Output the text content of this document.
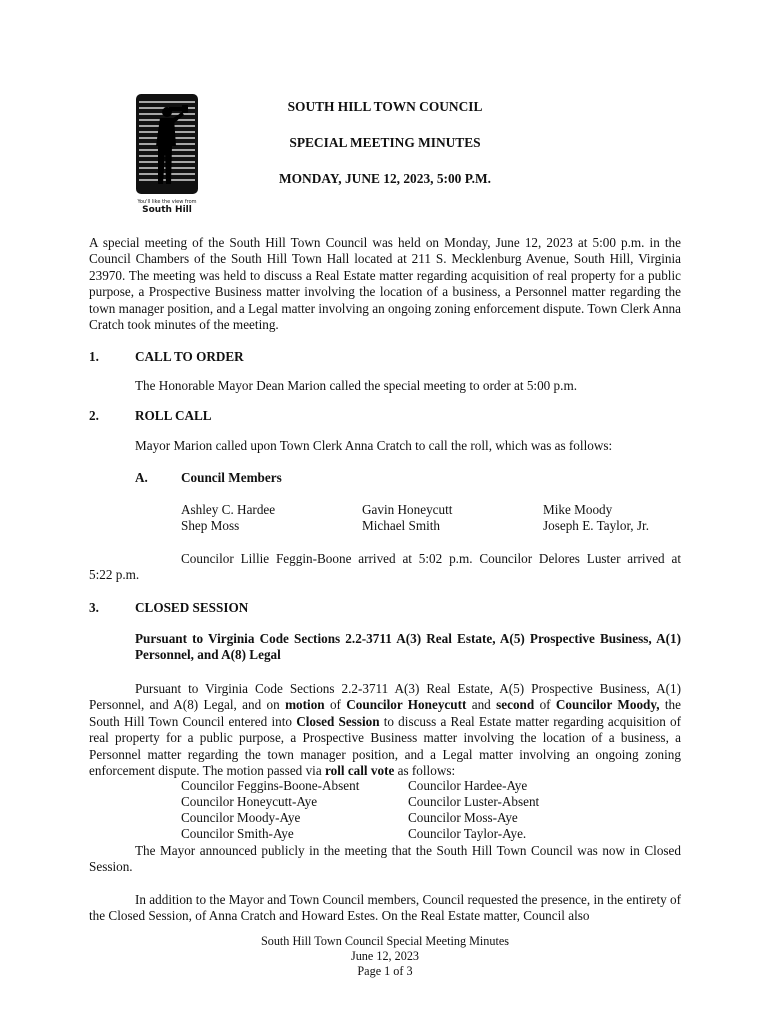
You'll like the view from
South Hill
SOUTH HILL TOWN COUNCIL
SPECIAL MEETING MINUTES
MONDAY, JUNE 12, 2023, 5:00 P.M.
A special meeting of the South Hill Town Council was held on Monday, June 12, 2023 at 5:00 p.m. in the Council Chambers of the South Hill Town Hall located at 211 S. Mecklenburg Avenue, South Hill, Virginia 23970. The meeting was held to discuss a Real Estate matter regarding acquisition of real property for a public purpose, a Prospective Business matter involving the location of a business, a Personnel matter regarding the town manager position, and a Legal matter involving an ongoing zoning enforcement dispute. Town Clerk Anna Cratch took minutes of the meeting.
1.	CALL TO ORDER
The Honorable Mayor Dean Marion called the special meeting to order at 5:00 p.m.
2.	ROLL CALL
Mayor Marion called upon Town Clerk Anna Cratch to call the roll, which was as follows:
A.	Council Members
Ashley C. Hardee	Gavin Honeycutt	Mike Moody
Shep Moss	Michael Smith	Joseph E. Taylor, Jr.
Councilor Lillie Feggin-Boone arrived at 5:02 p.m. Councilor Delores Luster arrived at
5:22 p.m.
3.	CLOSED SESSION
Pursuant to Virginia Code Sections 2.2-3711 A(3) Real Estate, A(5) Prospective Business, A(1) Personnel, and A(8) Legal
Pursuant to Virginia Code Sections 2.2-3711 A(3) Real Estate, A(5) Prospective Business, A(1) Personnel, and A(8) Legal, and on motion of Councilor Honeycutt and second of Councilor Moody, the South Hill Town Council entered into Closed Session to discuss a Real Estate matter regarding acquisition of real property for a public purpose, a Prospective Business matter involving the location of a business, a Personnel matter regarding the town manager position, and a Legal matter involving an ongoing zoning enforcement dispute. The motion passed via roll call vote as follows:
Councilor Feggins-Boone-Absent	Councilor Hardee-Aye
Councilor Honeycutt-Aye	Councilor Luster-Absent
Councilor Moody-Aye	Councilor Moss-Aye
Councilor Smith-Aye	Councilor Taylor-Aye.
The Mayor announced publicly in the meeting that the South Hill Town Council was now in Closed Session.
In addition to the Mayor and Town Council members, Council requested the presence, in the entirety of the Closed Session, of Anna Cratch and Howard Estes. On the Real Estate matter, Council also
South Hill Town Council Special Meeting Minutes
June 12, 2023
Page 1 of 3
